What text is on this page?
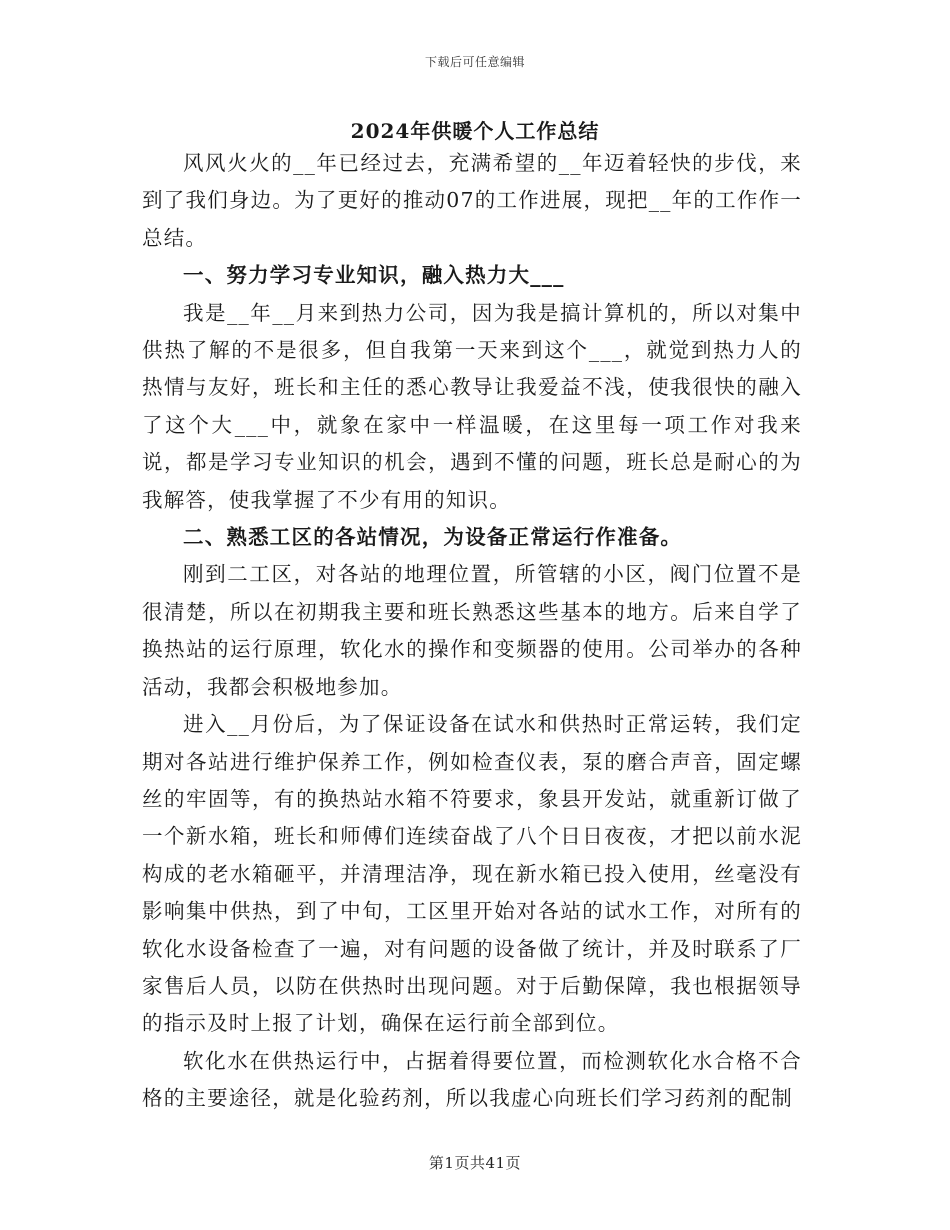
下载后可任意编辑
2024年供暖个人工作总结

风风火火的__年已经过去，充满希望的__年迈着轻快的步伐，来到了我们身边。为了更好的推动07的工作进展，现把__年的工作作一总结。

一、努力学习专业知识，融入热力大___

我是__年__月来到热力公司，因为我是搞计算机的，所以对集中供热了解的不是很多，但自我第一天来到这个___，就觉到热力人的热情与友好，班长和主任的悉心教导让我爱益不浅，使我很快的融入了这个大___中，就象在家中一样温暖，在这里每一项工作对我来说，都是学习专业知识的机会，遇到不懂的问题，班长总是耐心的为我解答，使我掌握了不少有用的知识。

二、熟悉工区的各站情况，为设备正常运行作准备。

刚到二工区，对各站的地理位置，所管辖的小区，阀门位置不是很清楚，所以在初期我主要和班长熟悉这些基本的地方。后来自学了换热站的运行原理，软化水的操作和变频器的使用。公司举办的各种活动，我都会积极地参加。

进入__月份后，为了保证设备在试水和供热时正常运转，我们定期对各站进行维护保养工作，例如检查仪表，泵的磨合声音，固定螺丝的牢固等，有的换热站水箱不符要求，象县开发站，就重新订做了一个新水箱，班长和师傅们连续奋战了八个日日夜夜，才把以前水泥构成的老水箱砸平，并清理洁净，现在新水箱已投入使用，丝毫没有影响集中供热，到了中旬，工区里开始对各站的试水工作，对所有的软化水设备检查了一遍，对有问题的设备做了统计，并及时联系了厂家售后人员，以防在供热时出现问题。对于后勤保障，我也根据领导的指示及时上报了计划，确保在运行前全部到位。

软化水在供热运行中，占据着得要位置，而检测软化水合格不合格的主要途径，就是化验药剂，所以我虚心向班长们学习药剂的配制

第1页共41页
